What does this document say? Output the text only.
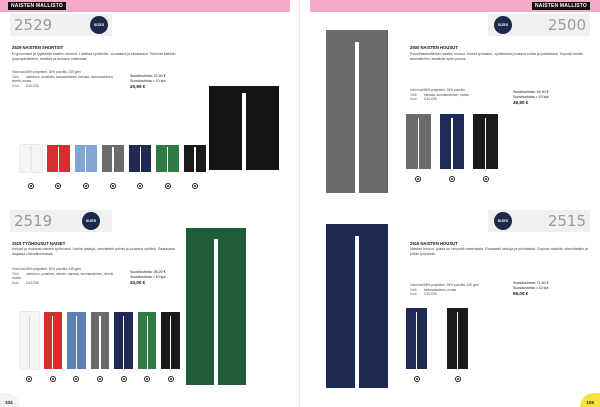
NAISTEN MALLISTO
2529	SIZES
2529 NAISTEN SHORTSIT
Ergonomiset ja tyylikkäät naisten shortsit. Lisätilaa vyötärölle, sivutaskut ja takataskut. Toimivat kaikkiin työympäristöihin, kestävä ja mukava materiaali.
Materiaali65% polyesteri, 35% puuvilla, 245 g/m²
Värit valkoinen, punainen, taivaansininen, harmaa, tummansininen, vihreä, musta
Koot C34-C50
Suositushinta: 22,90 €
Suositushinta > 10 kpl:
20,90 €
2519	SIZES
2519 TYÖHOUSUT NAISET
Kevyet ja mukavat naisten työhousut. Useita taskuja, vahvistetut polvet ja joustava vyötärö. Saatavana laajassa värivalikoimassa.
Materiaali65% polyesteri, 35% puuvilla, 245 g/m²
Värit valkoinen, punainen, sininen, harmaa, tummansininen, vihreä, musta
Koot C34-C50
Suositushinta: 36,20 €
Suositushinta > 10 kpl:
33,00 €
104
NAISTEN MALLISTO
2500
SIZES
2500 NAISTEN HOUSUT
Puuvillasekoitteiset naisten housut. Monet työtaskut, vyötärössä joustava kohta ja polvitaskut. Sopivat moniin ammatteihin, kestävät hyvin pesua.
Materiaali65% polyesteri, 35% puuvilla
Värit harmaa, tummansininen, musta
Koot C34-C50
Suositushinta: 54,90 €
Suositushinta > 10 kpl:
49,90 €
2515
SIZES
2515 NAISTEN HOUSUT
Naisten housut, joissa on venyvää materiaalia. Runsaasti taskuja ja polvitaskut. Sopivat vaativiin olosuhteisiin ja pitkiin työpäiviin.
Materiaali65% polyesteri, 35% puuvilla, 245 g/m²
Värit tummansininen, musta
Koot C34-C50
Suositushinta: 71,50 €
Suositushinta > 10 kpl:
65,00 €
105
